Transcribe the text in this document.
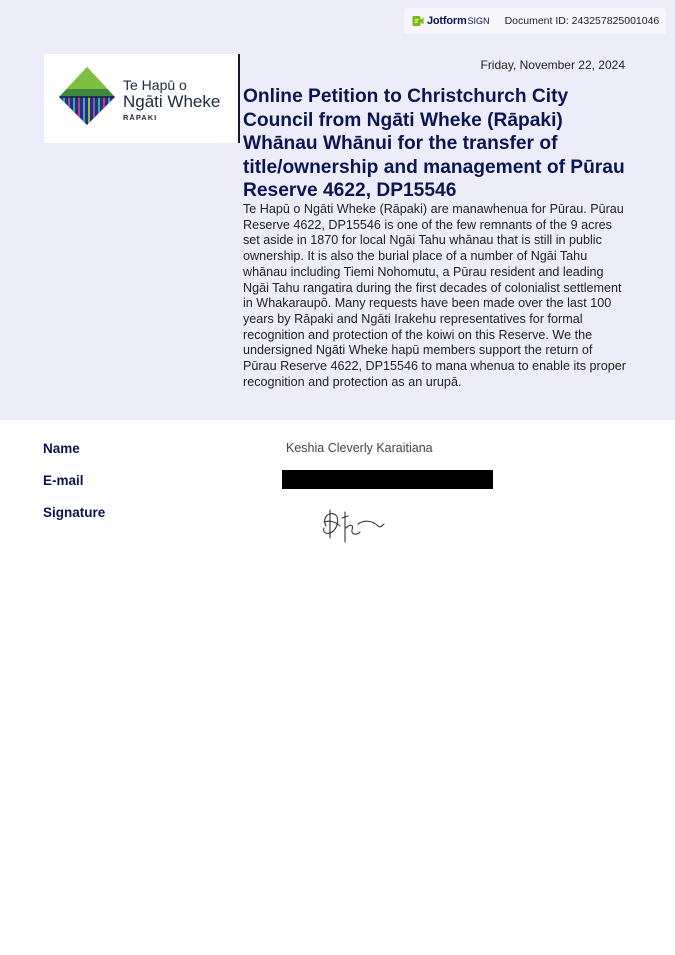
Jotform SIGN Document ID: 243257825001046
Te Hapū o
Ngāti Wheke
RĀPAKI
Friday, November 22, 2024
Online Petition to Christchurch City Council from Ngāti Wheke (Rāpaki) Whānau Whānui for the transfer of title/ownership and management of Pūrau Reserve 4622, DP15546

Te Hapū o Ngāti Wheke (Rāpaki) are manawhenua for Pūrau. Pūrau Reserve 4622, DP15546 is one of the few remnants of the 9 acres set aside in 1870 for local Ngāi Tahu whānau that is still in public ownership. It is also the burial place of a number of Ngāi Tahu whānau including Tiemi Nohomutu, a Pūrau resident and leading Ngāi Tahu rangatira during the first decades of colonialist settlement in Whakaraupō. Many requests have been made over the last 100 years by Rāpaki and Ngāti Irakehu representatives for formal recognition and protection of the koiwi on this Reserve. We the undersigned Ngāti Wheke hapū members support the return of Pūrau Reserve 4622, DP15546 to mana whenua to enable its proper recognition and protection as an urupā.

Name	Keshia Cleverly Karaitiana
E-mail
Signature
